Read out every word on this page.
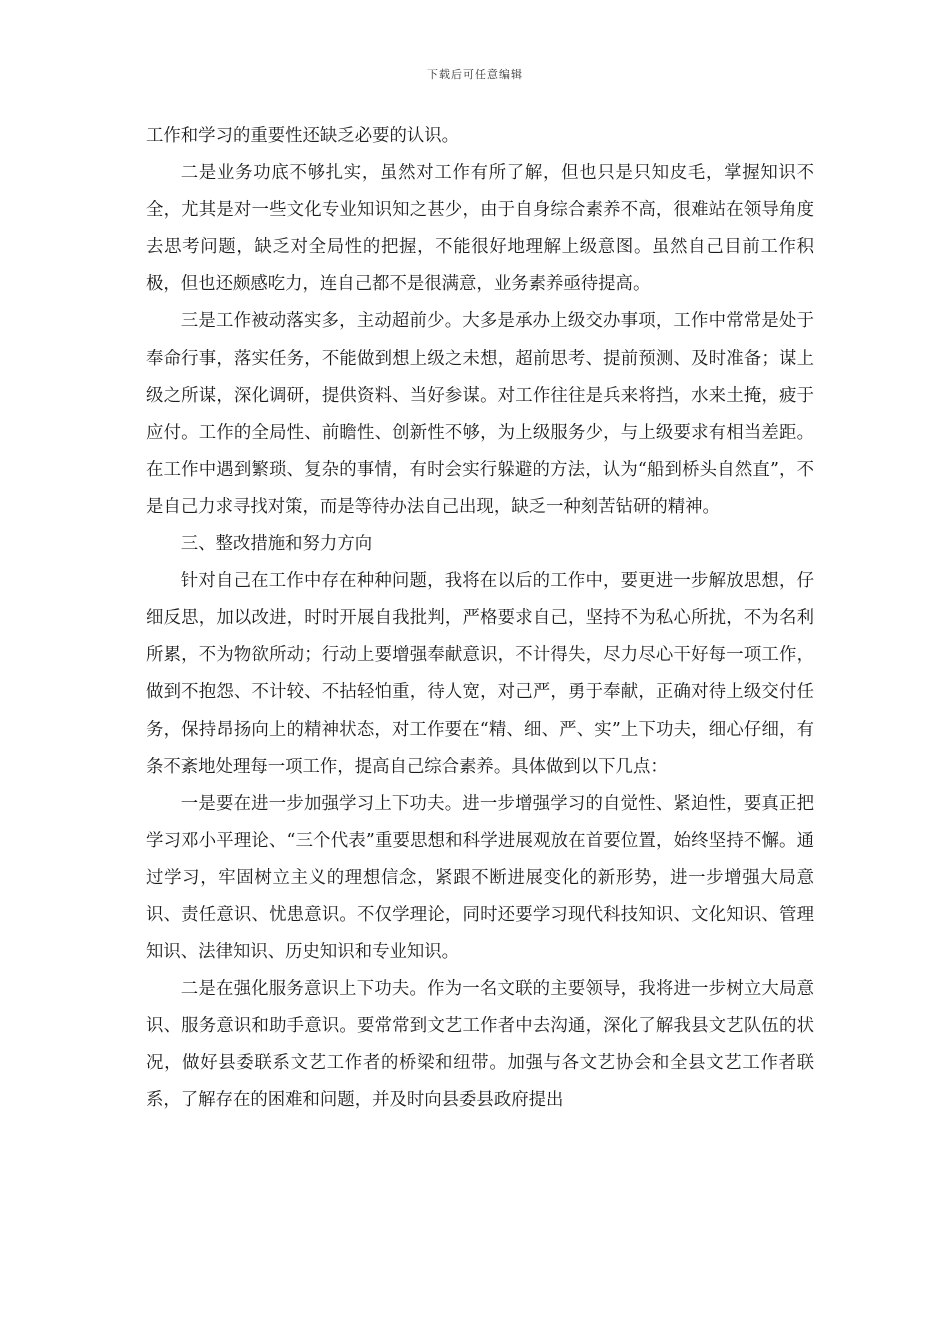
下载后可任意编辑

工作和学习的重要性还缺乏必要的认识。

二是业务功底不够扎实，虽然对工作有所了解，但也只是只知皮毛，掌握知识不全，尤其是对一些文化专业知识知之甚少，由于自身综合素养不高，很难站在领导角度去思考问题，缺乏对全局性的把握，不能很好地理解上级意图。虽然自己目前工作积极，但也还颇感吃力，连自己都不是很满意，业务素养亟待提高。

三是工作被动落实多，主动超前少。大多是承办上级交办事项，工作中常常是处于奉命行事，落实任务，不能做到想上级之未想，超前思考、提前预测、及时准备；谋上级之所谋，深化调研，提供资料、当好参谋。对工作往往是兵来将挡，水来土掩，疲于应付。工作的全局性、前瞻性、创新性不够，为上级服务少，与上级要求有相当差距。在工作中遇到繁琐、复杂的事情，有时会实行躲避的方法，认为“船到桥头自然直”，不是自己力求寻找对策，而是等待办法自己出现，缺乏一种刻苦钻研的精神。

三、整改措施和努力方向

针对自己在工作中存在种种问题，我将在以后的工作中，要更进一步解放思想，仔细反思，加以改进，时时开展自我批判，严格要求自己，坚持不为私心所扰，不为名利所累，不为物欲所动；行动上要增强奉献意识，不计得失，尽力尽心干好每一项工作，做到不抱怨、不计较、不拈轻怕重，待人宽，对己严，勇于奉献，正确对待上级交付任务，保持昂扬向上的精神状态，对工作要在“精、细、严、实”上下功夫，细心仔细，有条不紊地处理每一项工作，提高自己综合素养。具体做到以下几点：

一是要在进一步加强学习上下功夫。进一步增强学习的自觉性、紧迫性，要真正把学习邓小平理论、“三个代表”重要思想和科学进展观放在首要位置，始终坚持不懈。通过学习，牢固树立主义的理想信念，紧跟不断进展变化的新形势，进一步增强大局意识、责任意识、忧患意识。不仅学理论，同时还要学习现代科技知识、文化知识、管理知识、法律知识、历史知识和专业知识。

二是在强化服务意识上下功夫。作为一名文联的主要领导，我将进一步树立大局意识、服务意识和助手意识。要常常到文艺工作者中去沟通，深化了解我县文艺队伍的状况，做好县委联系文艺工作者的桥梁和纽带。加强与各文艺协会和全县文艺工作者联系，了解存在的困难和问题，并及时向县委县政府提出
